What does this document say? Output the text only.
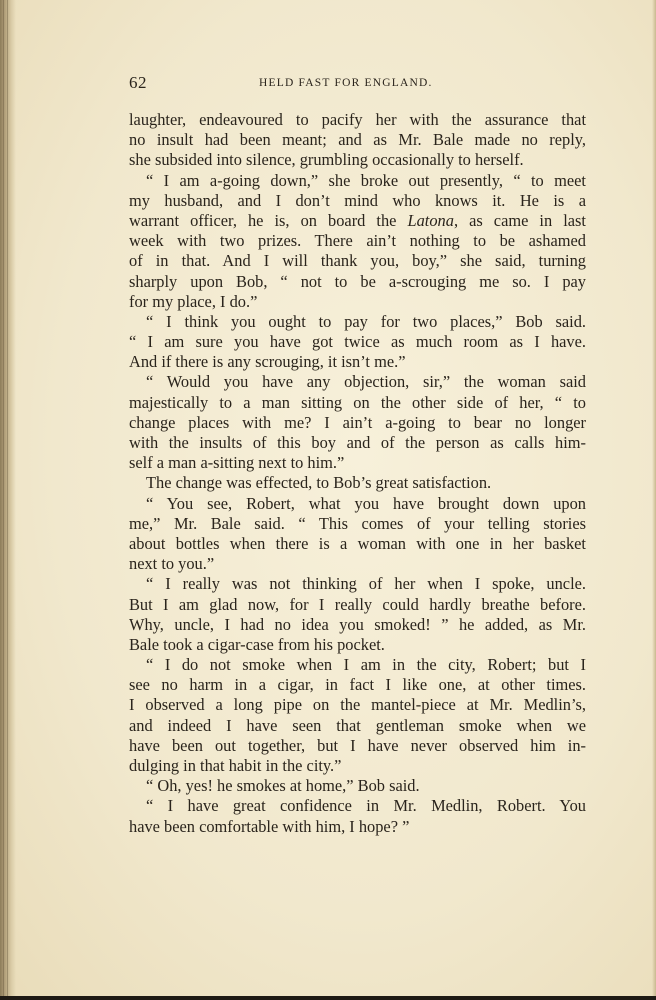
62	HELD FAST FOR ENGLAND.
laughter, endeavoured to pacify her with the assurance that
no insult had been meant; and as Mr. Bale made no reply,
she subsided into silence, grumbling occasionally to herself.
“ I am a-going down,” she broke out presently, “ to meet
my husband, and I don’t mind who knows it. He is a
warrant officer, he is, on board the Latona, as came in last
week with two prizes. There ain’t nothing to be ashamed
of in that. And I will thank you, boy,” she said, turning
sharply upon Bob, “ not to be a-scrouging me so. I pay
for my place, I do.”
“ I think you ought to pay for two places,” Bob said.
“ I am sure you have got twice as much room as I have.
And if there is any scrouging, it isn’t me.”
“ Would you have any objection, sir,” the woman said
majestically to a man sitting on the other side of her, “ to
change places with me? I ain’t a-going to bear no longer
with the insults of this boy and of the person as calls him-
self a man a-sitting next to him.”
The change was effected, to Bob’s great satisfaction.
“ You see, Robert, what you have brought down upon
me,” Mr. Bale said. “ This comes of your telling stories
about bottles when there is a woman with one in her basket
next to you.”
“ I really was not thinking of her when I spoke, uncle.
But I am glad now, for I really could hardly breathe before.
Why, uncle, I had no idea you smoked! ” he added, as Mr.
Bale took a cigar-case from his pocket.
“ I do not smoke when I am in the city, Robert; but I
see no harm in a cigar, in fact I like one, at other times.
I observed a long pipe on the mantel-piece at Mr. Medlin’s,
and indeed I have seen that gentleman smoke when we
have been out together, but I have never observed him in-
dulging in that habit in the city.”
“ Oh, yes! he smokes at home,” Bob said.
“ I have great confidence in Mr. Medlin, Robert. You
have been comfortable with him, I hope? ”
